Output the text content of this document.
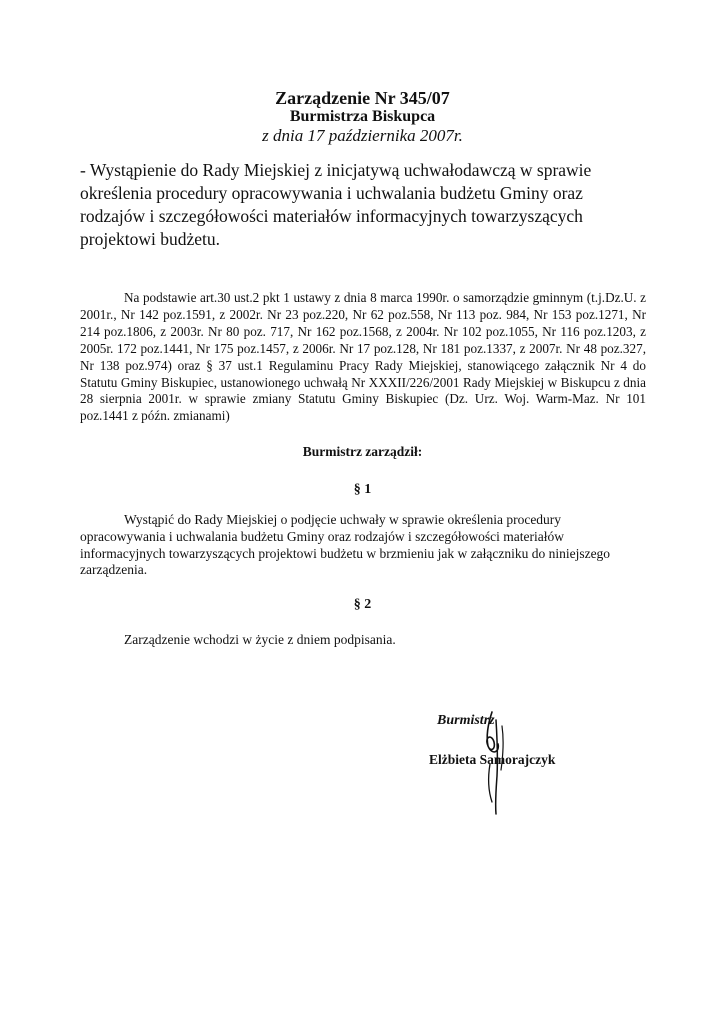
Zarządzenie Nr 345/07
Burmistrza Biskupca
z dnia 17 października 2007r.
- Wystąpienie do Rady Miejskiej z inicjatywą uchwałodawczą w sprawie określenia procedury opracowywania i uchwalania budżetu Gminy oraz rodzajów i szczegółowości materiałów informacyjnych towarzyszących projektowi budżetu.
Na podstawie art.30 ust.2 pkt 1 ustawy z dnia 8 marca 1990r. o samorządzie gminnym (t.j.Dz.U. z 2001r., Nr 142 poz.1591, z 2002r. Nr 23 poz.220, Nr 62 poz.558, Nr 113 poz. 984, Nr 153 poz.1271, Nr 214 poz.1806, z 2003r. Nr 80 poz. 717, Nr 162 poz.1568, z 2004r. Nr 102 poz.1055, Nr 116 poz.1203, z 2005r. 172 poz.1441, Nr 175 poz.1457, z 2006r. Nr 17 poz.128, Nr 181 poz.1337, z 2007r. Nr 48 poz.327, Nr 138 poz.974) oraz § 37 ust.1 Regulaminu Pracy Rady Miejskiej, stanowiącego załącznik Nr 4 do Statutu Gminy Biskupiec, ustanowionego uchwałą Nr XXXII/226/2001 Rady Miejskiej w Biskupcu z dnia 28 sierpnia 2001r. w sprawie zmiany Statutu Gminy Biskupiec (Dz. Urz. Woj. Warm-Maz. Nr 101 poz.1441 z późn. zmianami)
Burmistrz zarządził:
§ 1
Wystąpić do Rady Miejskiej o podjęcie uchwały w sprawie określenia procedury opracowywania i uchwalania budżetu Gminy oraz rodzajów i szczegółowości materiałów informacyjnych towarzyszących projektowi budżetu w brzmieniu jak w załączniku do niniejszego zarządzenia.
§ 2
Zarządzenie wchodzi w życie z dniem podpisania.
Burmistrz
Elżbieta Samorajczyk
